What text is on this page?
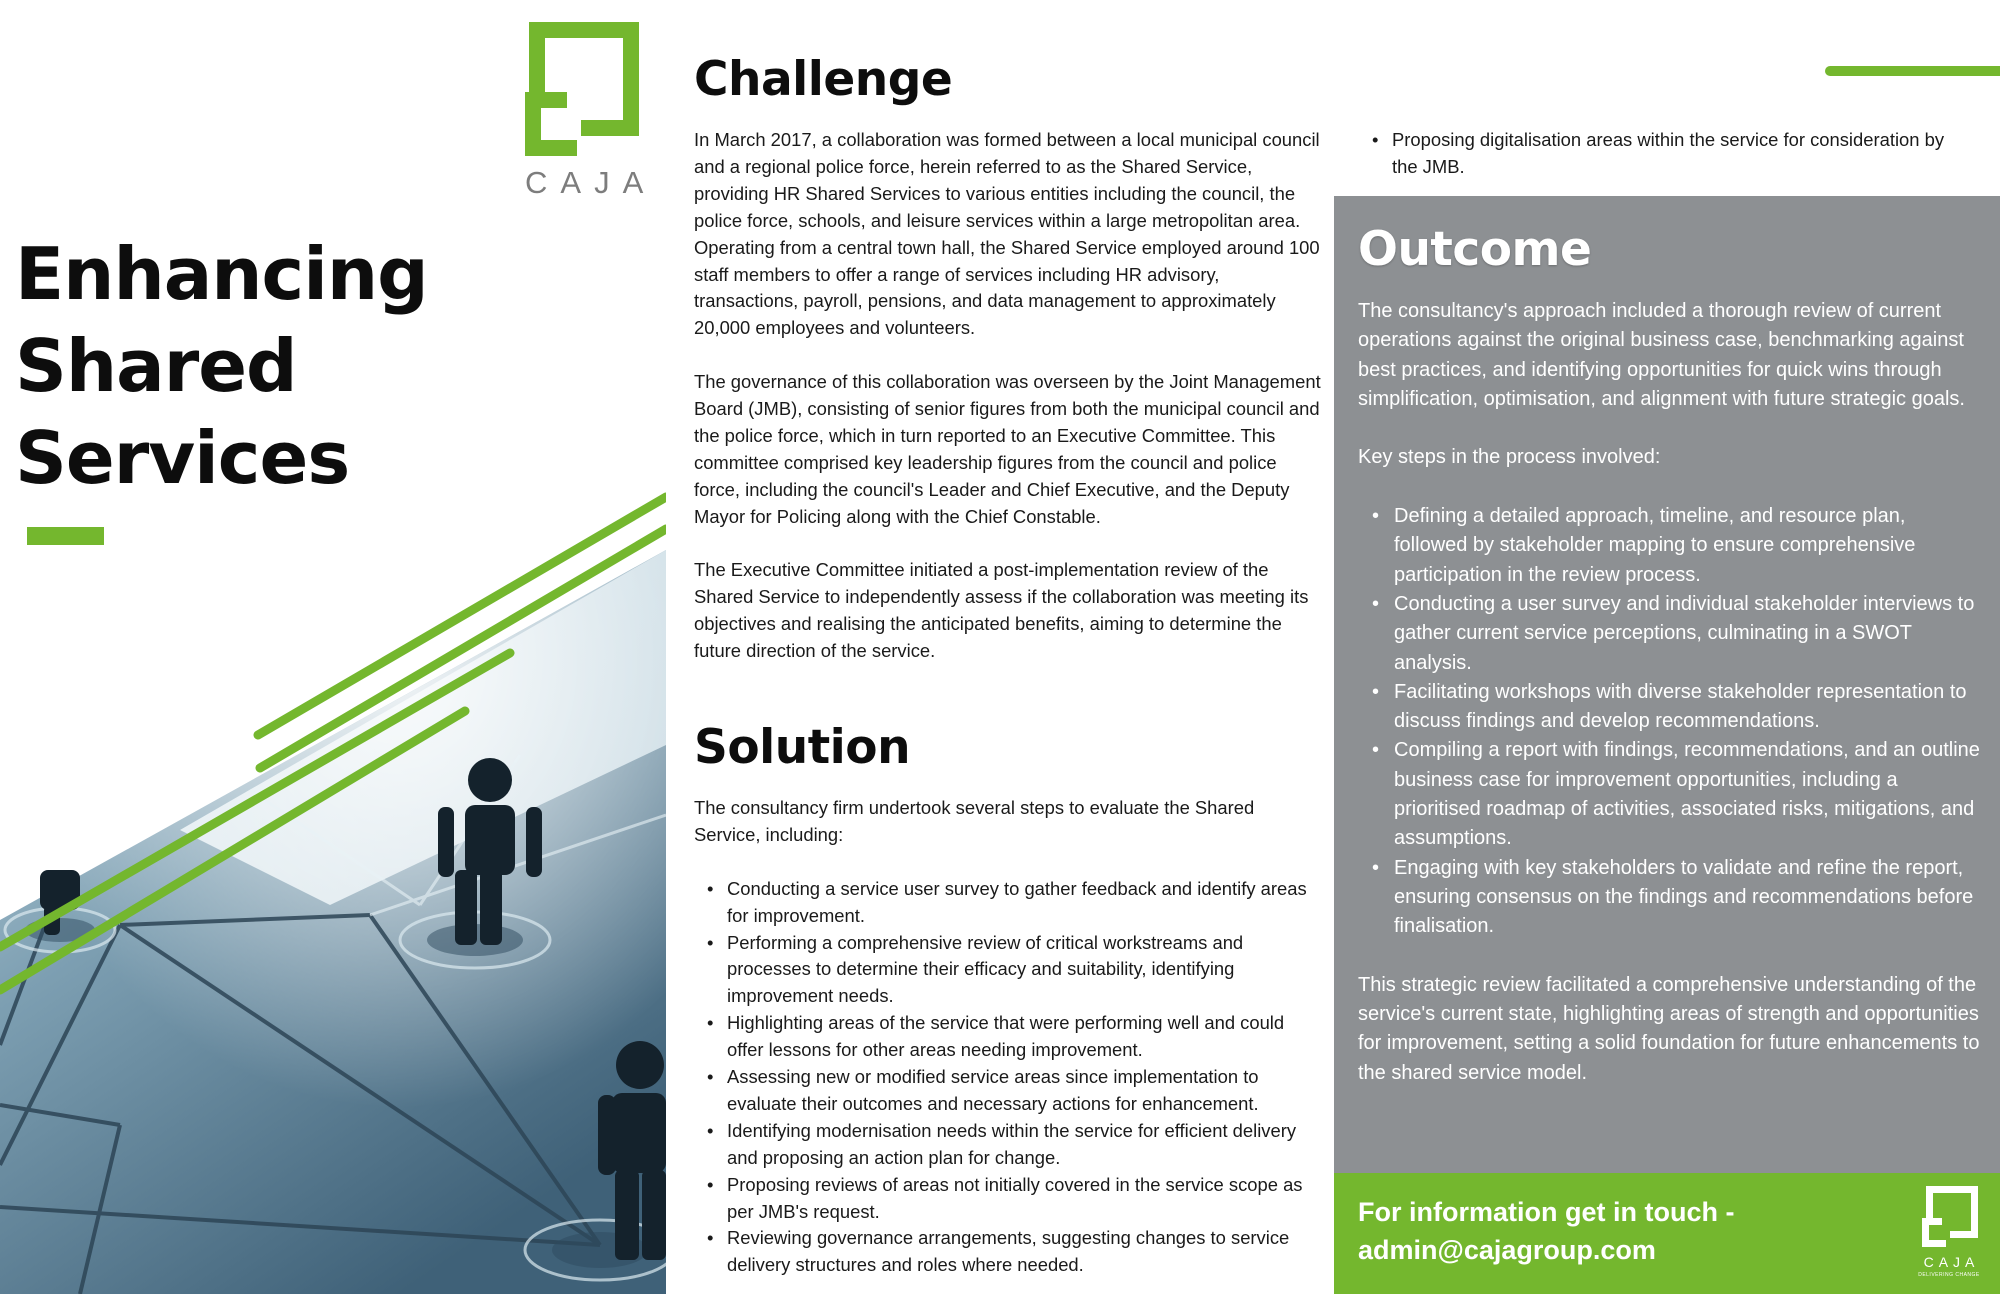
CAJA
Enhancing
Shared
Services
Challenge

In March 2017, a collaboration was formed between a local municipal council and a regional police force, herein referred to as the Shared Service, providing HR Shared Services to various entities including the council, the police force, schools, and leisure services within a large metropolitan area. Operating from a central town hall, the Shared Service employed around 100 staff members to offer a range of services including HR advisory, transactions, payroll, pensions, and data management to approximately 20,000 employees and volunteers.

The governance of this collaboration was overseen by the Joint Management Board (JMB), consisting of senior figures from both the municipal council and the police force, which in turn reported to an Executive Committee. This committee comprised key leadership figures from the council and police force, including the council's Leader and Chief Executive, and the Deputy Mayor for Policing along with the Chief Constable.

The Executive Committee initiated a post-implementation review of the Shared Service to independently assess if the collaboration was meeting its objectives and realising the anticipated benefits, aiming to determine the future direction of the service.

Solution

The consultancy firm undertook several steps to evaluate the Shared Service, including:

• Conducting a service user survey to gather feedback and identify areas for improvement.
• Performing a comprehensive review of critical workstreams and processes to determine their efficacy and suitability, identifying improvement needs.
• Highlighting areas of the service that were performing well and could offer lessons for other areas needing improvement.
• Assessing new or modified service areas since implementation to evaluate their outcomes and necessary actions for enhancement.
• Identifying modernisation needs within the service for efficient delivery and proposing an action plan for change.
• Proposing reviews of areas not initially covered in the service scope as per JMB's request.
• Reviewing governance arrangements, suggesting changes to service delivery structures and roles where needed.
• Proposing digitalisation areas within the service for consideration by the JMB.
Outcome

The consultancy's approach included a thorough review of current operations against the original business case, benchmarking against best practices, and identifying opportunities for quick wins through simplification, optimisation, and alignment with future strategic goals.

Key steps in the process involved:

• Defining a detailed approach, timeline, and resource plan, followed by stakeholder mapping to ensure comprehensive participation in the review process.
• Conducting a user survey and individual stakeholder interviews to gather current service perceptions, culminating in a SWOT analysis.
• Facilitating workshops with diverse stakeholder representation to discuss findings and develop recommendations.
• Compiling a report with findings, recommendations, and an outline business case for improvement opportunities, including a prioritised roadmap of activities, associated risks, mitigations, and assumptions.
• Engaging with key stakeholders to validate and refine the report, ensuring consensus on the findings and recommendations before finalisation.

This strategic review facilitated a comprehensive understanding of the service's current state, highlighting areas of strength and opportunities for improvement, setting a solid foundation for future enhancements to the shared service model.

For information get in touch -
admin@cajagroup.com	CAJA
DELIVERING CHANGE
